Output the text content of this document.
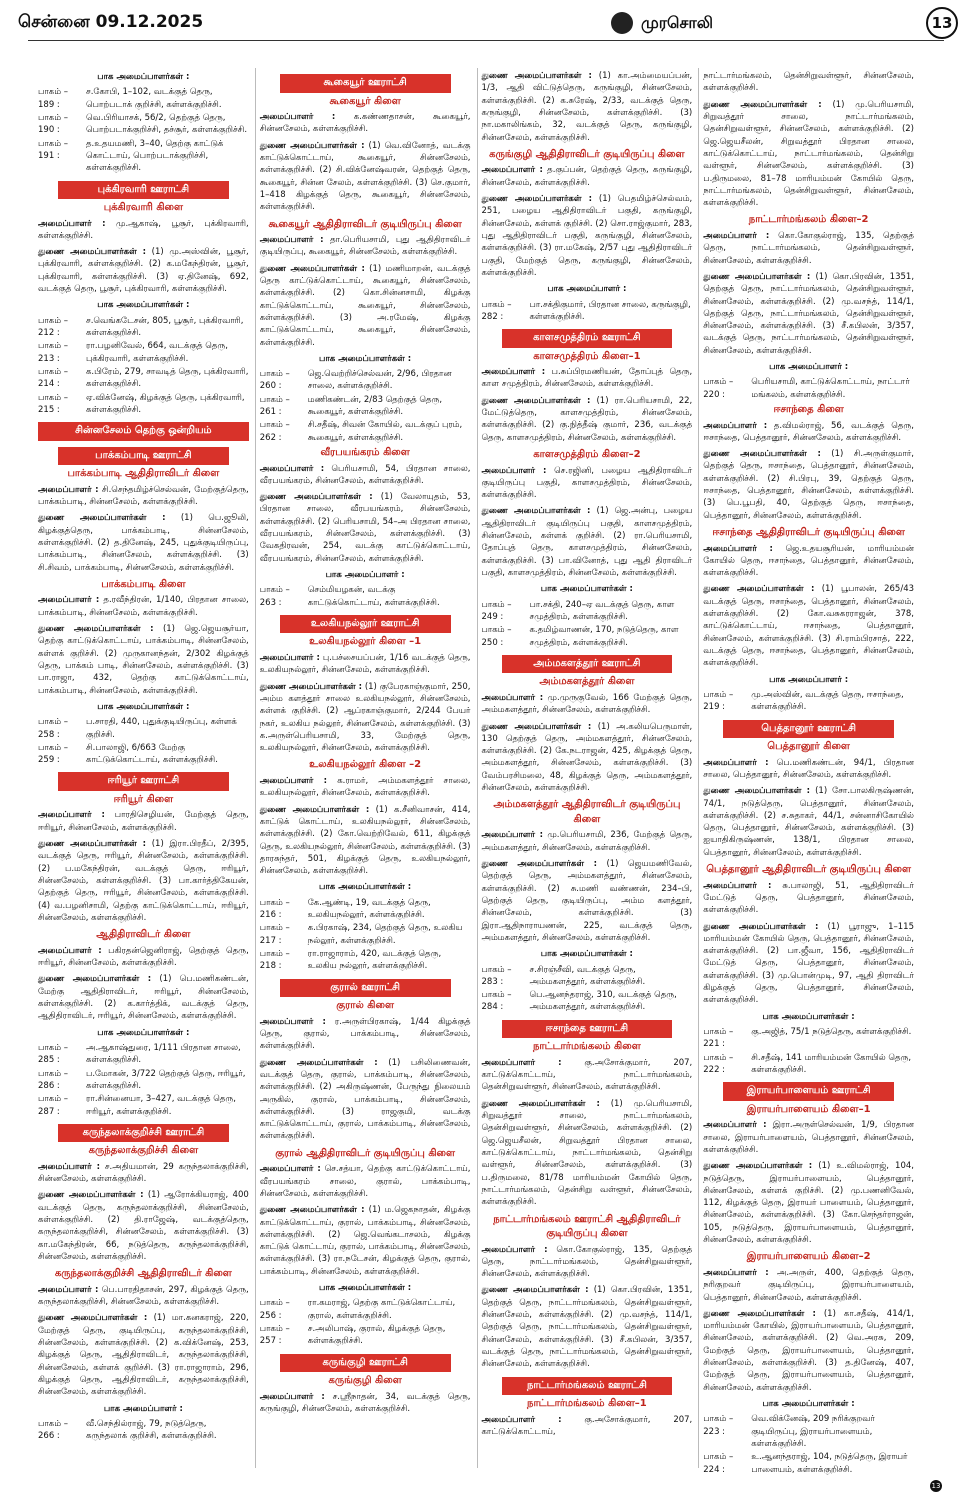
சென்னை 09.12.2025	முரசொலி	13
பாக அமைப்பாளர்கள் :
பாகம் – 189 :
ச.கோபி, 1–102, வடக்குத் தெரு, பொற்படாக் குறிச்சி, கள்ளக்குறிச்சி.
பாகம் – 190 :
வெ.பிரியாசக், 56/2, தெற்குத் தெரு, பொற்படாக்குறிச்சி, தச்சூர், கள்ளக்குறிச்சி.
பாகம் – 191 :
த.உதயமணி, 3–40, தெற்கு காட்டுக் கொட்டாய், பொற்படாக்குறிச்சி, கள்ளக்குறிச்சி.
புக்கிரவாரி ஊராட்சி
புக்கிரவாரி கிளை
அமைப்பாளர் : மு.ஆகாஷ், பூசூர், புக்கிரவாரி, கள்ளக்குறிச்சி.
துணை அமைப்பாளர்கள் : (1) மு.அஸ்வின், பூசூர், புக்கிரவாரி, கள்ளக்குறிச்சி. (2) க.மகேந்திரன், பூசூர், புக்கிரவாரி, கள்ளக்குறிச்சி. (3) ஏ.தினேஷ், 692, வடக்குத் தெரு, பூசூர், புக்கிரவாரி, கள்ளக்குறிச்சி.
பாக அமைப்பாளர்கள் :
பாகம் – 212 :
ச.வெங்கடேசன், 805, பூசூர், புக்கிரவாரி, கள்ளக்குறிச்சி.
பாகம் – 213 :
ரா.பழனிவேல், 664, வடக்குத் தெரு, புக்கிரவாரி, கள்ளக்குறிச்சி.
பாகம் – 214 :
க.பிரேம், 279, சாவடித் தெரு, புக்கிரவாரி, கள்ளக்குறிச்சி.
பாகம் – 215 :
ஏ.விக்னேஷ், கிழக்குத் தெரு, புக்கிரவாரி, கள்ளக்குறிச்சி.
சின்னசேலம் தெற்கு ஒன்றியம்
பாக்கம்பாடி ஊராட்சி
பாக்கம்பாடி ஆதிதிராவிடர் கிளை
அமைப்பாளர் : சி.செந்தமிழ்ச்செல்வன், மேற்குத்தெரு, பாக்கம்பாடி, சின்னசேலம், கள்ளக்குறிச்சி.
துணை அமைப்பாளர்கள் : (1) பெ.ஜூலி, கிழக்குத்தெரு, பாக்கம்பாடி, சின்னசேலம், கள்ளக்குறிச்சி. (2) த.தினேஷ், 245, புதுக்குடியிருப்பு, பாக்கம்பாடி, சின்னசேலம், கள்ளக்குறிச்சி. (3) சி.சிவம், பாக்கம்பாடி, சின்னசேலம், கள்ளக்குறிச்சி.
பாக்கம்பாடி கிளை
அமைப்பாளர் : த.ரவீந்திரன், 1/140, பிரதான சாலை, பாக்கம்பாடி, சின்னசேலம், கள்ளக்குறிச்சி.
துணை அமைப்பாளர்கள் : (1) ஜெ.ஜெயசூர்யா, தெற்கு காட்டுக்கொட்டாய், பாக்கம்பாடி, சின்னசேலம், கள்ளக் குறிச்சி. (2) முருகானந்தன், 2/302 கிழக்குத் தெரு, பாக்கம் பாடி, சின்னசேலம், கள்ளக்குறிச்சி. (3) பா.ராஜா, 432, தெற்கு காட்டுக்கொட்டாய், பாக்கம்பாடி, சின்னசேலம், கள்ளக்குறிச்சி.
பாக அமைப்பாளர்கள் :
பாகம் – 258 :
ப.சாரதி, 440, புதுக்குடியிருப்பு, கள்ளக் குறிச்சி.
பாகம் – 259 :
சி.பாலாஜி, 6/663 மேற்கு காட்டுக்கொட்டாய், கள்ளக்குறிச்சி.
ஈரியூர் ஊராட்சி
ஈரியூர் கிளை
அமைப்பாளர் : பாரதிசெழியன், மேற்குத் தெரு, ஈரியூர், சின்னசேலம், கள்ளக்குறிச்சி.
துணை அமைப்பாளர்கள் : (1) இரா.பிரதீப், 2/395, வடக்குத் தெரு, ஈரியூர், சின்னசேலம், கள்ளக்குறிச்சி. (2) ப.மகேந்திரன், வடக்குத் தெரு, ஈரியூர், சின்னசேலம், கள்ளக்குறிச்சி. (3) பா.கார்த்திகேயன், தெற்குத் தெரு, ஈரியூர், சின்னசேலம், கள்ளக்குறிச்சி. (4) வ.பழனிசாமி, தெற்கு காட்டுக்கொட்டாய், ஈரியூர், சின்னசேலம், கள்ளக்குறிச்சி.
ஆதிதிராவிடர் கிளை
அமைப்பாளர் : பகிரதன்ஜெனிராஜ், தெற்குத் தெரு, ஈரியூர், சின்னசேலம், கள்ளக்குறிச்சி.
துணை அமைப்பாளர்கள் : (1) பெ.மணிகண்டன், மேற்கு ஆதிதிராவிடர், ஈரியூர், சின்னசேலம், கள்ளக்குறிச்சி. (2) க.கார்த்திக், வடக்குத் தெரு, ஆதிதிராவிடர், ஈரியூர், சின்னசேலம், கள்ளக்குறிச்சி.
பாக அமைப்பாளர்கள் :
பாகம் – 285 :
அ.ஆகாஷ்துரை, 1/111 பிரதான சாலை, கள்ளக்குறிச்சி.
பாகம் – 286 :
ப.மோகன், 3/722 தெற்குத் தெரு, ஈரியூர், கள்ளக்குறிச்சி.
பாகம் – 287 :
ரா.சின்னையா, 3–427, வடக்குத் தெரு, ஈரியூர், கள்ளக்குறிச்சி.
கருந்தலாக்குறிச்சி ஊராட்சி
கருந்தலாக்குறிச்சி கிளை
அமைப்பாளர் : ச.அதியமான், 29 கருந்தலாக்குறிச்சி, சின்னசேலம், கள்ளக்குறிச்சி.
துணை அமைப்பாளர்கள் : (1) ஆரோக்கியராஜ், 400 வடக்குத் தெரு, கருந்தலாக்குறிச்சி, சின்னசேலம், கள்ளக்குறிச்சி. (2) தி.ராஜேஷ், வடக்குத்தெரு, கருந்தலாக்குறிச்சி, சின்னசேலம், கள்ளக்குறிச்சி. (3) கா.மகேந்திரன், 66, நடுத்தெரு, கருந்தலாக்குறிச்சி, சின்னசேலம், கள்ளக்குறிச்சி.
கருந்தலாக்குறிச்சி ஆதிதிராவிடர் கிளை
அமைப்பாளர் : பெ.பாரதிதாசன், 297, கிழக்குத் தெரு, கருந்தலாக்குறிச்சி, சின்னசேலம், கள்ளக்குறிச்சி.
துணை அமைப்பாளர்கள் : (1) மா.கனகராஜ், 220, மேற்குத் தெரு, குடியிருப்பு, கருந்தலாக்குறிச்சி, சின்னசேலம், கள்ளக்குறிச்சி. (2) க.விக்னேஷ், 253, கிழக்குத் தெரு, ஆதிதிராவிடர், கருந்தலாக்குறிச்சி, சின்னசேலம், கள்ளக் குறிச்சி. (3) ரா.ராஜாராம், 296, கிழக்குத் தெரு, ஆதிதிராவிடர், கருந்தலாக்குறிச்சி, சின்னசேலம், கள்ளக்குறிச்சி.
பாக அமைப்பாளர் :
பாகம் – 266 :
வீ.செந்தில்ராஜ், 79, நடுத்தெரு, கருந்தலாக் குறிச்சி, கள்ளக்குறிச்சி.
கூகையூர் ஊராட்சி
கூகையூர் கிளை
அமைப்பாளர் : க.கண்ணதாசன், கூகையூர், சின்னசேலம், கள்ளக்குறிச்சி.
துணை அமைப்பாளர்கள் : (1) வெ.வினோத், வடக்கு காட்டுக்கொட்டாய், கூகையூர், சின்னசேலம், கள்ளக்குறிச்சி. (2) சி.விக்னேஷ்வரன், தெற்குத் தெரு, கூகையூர், சின்ன சேலம், கள்ளக்குறிச்சி. (3) செ.குமார், 1–418 கிழக்குத் தெரு, கூகையூர், சின்னசேலம், கள்ளக்குறிச்சி.
கூகையூர் ஆதிதிராவிடர் குடியிருப்பு கிளை
அமைப்பாளர் : தா.பெரியசாமி, புது ஆதிதிராவிடர் குடியிருப்பு, கூகையூர், சின்னசேலம், கள்ளக்குறிச்சி.
துணை அமைப்பாளர்கள் : (1) மணிமாறன், வடக்குத் தெரு காட்டுக்கொட்டாய், கூகையூர், சின்னசேலம், கள்ளக்குறிச்சி. (2) கொ.சின்னசாமி, கிழக்கு காட்டுக்கொட்டாய், கூகையூர், சின்னசேலம், கள்ளக்குறிச்சி. (3) அ.ரமேஷ், கிழக்கு காட்டுக்கொட்டாய், கூகையூர், சின்னசேலம், கள்ளக்குறிச்சி.
பாக அமைப்பாளர்கள் :
பாகம் – 260 :
ஜெ.வெற்றிச்செல்வன், 2/96, பிரதான சாலை, கள்ளக்குறிச்சி.
பாகம் – 261 :
மணிகண்டன், 2/83 தெற்குத் தெரு, கூகையூர், கள்ளக்குறிச்சி.
பாகம் – 262 :
சி.சதீஷ், சிவன் கோயில், வடக்குப் புரம், கூகையூர், கள்ளக்குறிச்சி.
வீரபயங்கரம் கிளை
அமைப்பாளர் : பெரியசாமி, 54, பிரதான சாலை, வீரபயங்கரம், சின்னசேலம், கள்ளக்குறிச்சி.
துணை அமைப்பாளர்கள் : (1) வேலாயுதம், 53, பிரதான சாலை, வீரபயங்கரம், சின்னசேலம், கள்ளக்குறிச்சி. (2) பெரியசாமி, 54–அ பிரதான சாலை, வீரபயங்கரம், சின்னசேலம், கள்ளக்குறிச்சி. (3) வேகதிரவன், 254, வடக்கு காட்டுக்கொட்டாய், வீரபயங்கரம், சின்னசேலம், கள்ளக்குறிச்சி.
பாக அமைப்பாளர் :
பாகம் – 263 :
செம்மியழகன், வடக்கு காட்டுக்கொட்டாய், கள்ளக்குறிச்சி.
உலகியநல்லூர் ஊராட்சி
உலகியநல்லூர் கிளை –1
அமைப்பாளர் : பு.பச்சையப்பன், 1/16 வடக்குத் தெரு, உலகியநல்லூர், சின்னசேலம், கள்ளக்குறிச்சி.
துணை அமைப்பாளர்கள் : (1) குபேரகாஞ்குமார், 250, அம்ம களத்தூர் சாலை உலகியநல்லூர், சின்னசேலம், கள்ளக் குறிச்சி. (2) ஆப்ரகாஞ்குமார், 2/244 பேயர் நகர், உலகிய நல்லூர், சின்னசேலம், கள்ளக்குறிச்சி. (3) க.அருள்பெரியசாமி, 33, மேற்குத் தெரு, உலகியநல்லூர், சின்னசேலம், கள்ளக்குறிச்சி.
உலகியநல்லூர் கிளை –2
அமைப்பாளர் : க.ராமர், அம்மகளத்தூர் சாலை, உலகியநல்லூர், சின்னசேலம், கள்ளக்குறிச்சி.
துணை அமைப்பாளர்கள் : (1) க.சீனிவாசன், 414, காட்டுக் கொட்டாய், உலகியநல்லூர், சின்னசேலம், கள்ளக்குறிச்சி. (2) கோ.வெற்றிவேல், 611, கிழக்குத் தெரு, உலகியநல்லூர், சின்னசேலம், கள்ளக்குறிச்சி. (3) தாரசுந்தர், 501, கிழக்குத் தெரு, உலகியநல்லூர், சின்னசேலம், கள்ளக்குறிச்சி.
பாக அமைப்பாளர்கள் :
பாகம் – 216 :
கே.ஆண்டி, 19, வடக்குத் தெரு, உலகியநல்லூர், கள்ளக்குறிச்சி.
பாகம் – 217 :
க.பிரகாஷ், 234, தெற்குத் தெரு, உலகிய நல்லூர், கள்ளக்குறிச்சி.
பாகம் – 218 :
ரா.ராஜாராம், 420, வடக்குத் தெரு, உலகிய நல்லூர், கள்ளக்குறிச்சி.
குரால் ஊராட்சி
குரால் கிளை
அமைப்பாளர் : ர.அருள்பிரகாஷ், 1/44 கிழக்குத் தெரு, குரால், பாக்கம்பாடி, சின்னசேலம், கள்ளக்குறிச்சி.
துணை அமைப்பாளர்கள் : (1) பசிலிணைவன், வடக்குத் தெரு, குரால், பாக்கம்பாடி, சின்னசேலம், கள்ளக்குறிச்சி. (2) அகிருஷ்ணன், பேருந்து நிலையம் அருகில், குரால், பாக்கம்பாடி, சின்னசேலம், கள்ளக்குறிச்சி. (3) ராஜகுமி, வடக்கு காட்டுக்கொட்டாய், குரால், பாக்கம்பாடி, சின்னசேலம், கள்ளக்குறிச்சி.
குரால் ஆதிதிராவிடர் குடியிருப்பு கிளை
அமைப்பாளர் : செ.சத்யா, தெற்கு காட்டுக்கொட்டாய், வீரபயங்கரம் சாலை, குரால், பாக்கம்பாடி, சின்னசேலம், கள்ளக்குறிச்சி.
துணை அமைப்பாளர்கள் : (1) ம.ஜெகநாதன், கிழக்கு காட்டுக்கொட்டாய், குரால், பாக்கம்பாடி, சின்னசேலம், கள்ளக்குறிச்சி. (2) ஜெ.வெங்கடாசலம், கிழக்கு காட்டுக் கொட்டாய், குரால், பாக்கம்பாடி, சின்னசேலம், கள்ளக்குறிச்சி. (3) ரா.நடேசன், கிழக்குத் தெரு, குரால், பாக்கம்பாடி, சின்னசேலம், கள்ளக்குறிச்சி.
பாக அமைப்பாளர்கள் :
பாகம் – 256 :
ரா.கமராஜ், தெற்கு காட்டுக்கொட்டாய், குரால், கள்ளக்குறிச்சி.
பாகம் – 257 :
ச.அலிபாஷ், குரால், கிழக்குத் தெரு, கள்ளக்குறிச்சி.
கருங்குழி ஊராட்சி
கருங்குழி கிளை
அமைப்பாளர் : ச.ஸ்ரீநாதன், 34, வடக்குத் தெரு, கருங்குழி, சின்னசேலம், கள்ளக்குறிச்சி.
துணை அமைப்பாளர்கள் : (1) கா.அம்மையப்பன், 1/3, ஆதி விட்டுத்தெரு, கருங்குழி, சின்னசேலம், கள்ளக்குறிச்சி. (2) க.சுரேஷ், 2/33, வடக்குத் தெரு, கருங்குழி, சின்னசேலம், கள்ளக்குறிச்சி. (3) நா.மகாலிங்கம், 32, வடக்குத் தெரு, கருங்குழி, சின்னசேலம், கள்ளக்குறிச்சி.
கருங்குழி ஆதிதிராவிடர் குடியிருப்பு கிளை
அமைப்பாளர் : த.குப்பன், தெற்குத் தெரு, கருங்குழி, சின்னசேலம், கள்ளக்குறிச்சி.
துணை அமைப்பாளர்கள் : (1) பெதமிழ்ச்செல்வம், 251, பழைய ஆதிதிராவிடர் பகுதி, கருங்குழி, சின்னசேலம், கள்ளக் குறிச்சி. (2) சொ.ராஜ்குமார், 283, புது ஆதிதிராவிடர் பகுதி, கருங்குழி, சின்னசேலம், கள்ளக்குறிச்சி. (3) ரா.மகேஷ், 2/57 புது ஆதிதிராவிடர் பகுதி, மேற்குத் தெரு, கருங்குழி, சின்னசேலம், கள்ளக்குறிச்சி.
பாக அமைப்பாளர் :
பாகம் – 282 :
பா.சக்திகுமார், பிரதான சாலை, கருங்குழி, கள்ளக்குறிச்சி.
காளசமுத்திரம் ஊராட்சி
காளசமுத்திரம் கிளை–1
அமைப்பாளர் : ப.சுப்பிரமணியன், தோப்புத் தெரு, காள சமுத்திரம், சின்னசேலம், கள்ளக்குறிச்சி.
துணை அமைப்பாளர்கள் : (1) ரா.பெரியசாமி, 22, மேட்டுத்தெரு, காளசமுத்திரம், சின்னசேலம், கள்ளக்குறிச்சி. (2) கு.நித்தீஷ் குமார், 236, வடக்குத் தெரு, காளசமுத்திரம், சின்னசேலம், கள்ளக்குறிச்சி.
காளசமுத்திரம் கிளை–2
அமைப்பாளர் : செ.ரஜினி, பழைய ஆதிதிராவிடர் குடியிருப்பு பகுதி, காளசமுத்திரம், சின்னசேலம், கள்ளக்குறிச்சி.
துணை அமைப்பாளர்கள் : (1) ஜெ.அன்பு, பழைய ஆதிதிராவிடர் குடியிருப்பு பகுதி, காளசமுத்திரம், சின்னசேலம், கள்ளக் குறிச்சி. (2) ரா.பெரியசாமி, தோப்புத் தெரு, காளசமுத்திரம், சின்னசேலம், கள்ளக்குறிச்சி. (3) பா.வினோத், புது ஆதி திராவிடர் பகுதி, காளசமுத்திரம், சின்னசேலம், கள்ளக்குறிச்சி.
பாக அமைப்பாளர்கள் :
பாகம் – 249 :
பா.சக்தி, 240–ஏ வடக்குத் தெரு, காள சமுத்திரம், கள்ளக்குறிச்சி.
பாகம் – 250 :
க.தமிழ்வாணன், 170, நடுத்தெரு, காள சமுத்திரம், கள்ளக்குறிச்சி.
அம்மகளத்தூர் ஊராட்சி
அம்மகளத்தூர் கிளை
அமைப்பாளர் : மு.முருகுவேல், 166 மேற்குத் தெரு, அம்மகளத்தூர், சின்னசேலம், கள்ளக்குறிச்சி.
துணை அமைப்பாளர்கள் : (1) அ.கலியபெருமாள், 130 தெற்குத் தெரு, அம்மகளத்தூர், சின்னசேலம், கள்ளக்குறிச்சி. (2) கே.நடராஜன், 425, கிழக்குத் தெரு, அம்மகளத்தூர், சின்னசேலம், கள்ளக்குறிச்சி. (3) வேம்பரசிமலை, 48, கிழக்குத் தெரு, அம்மகளத்தூர், சின்னசேலம், கள்ளக்குறிச்சி.
அம்மகளத்தூர் ஆதிதிராவிடர் குடியிருப்பு கிளை
அமைப்பாளர் : மு.பெரியசாமி, 236, மேற்குத் தெரு, அம்மகளத்தூர், சின்னசேலம், கள்ளக்குறிச்சி.
துணை அமைப்பாளர்கள் : (1) ஜெயமணிவேல், தெற்குத் தெரு, அம்மகளத்தூர், சின்னசேலம், கள்ளக்குறிச்சி. (2) சு.மணி வண்ணன், 234–பி, தெற்குத் தெரு, குடியிருப்பு, அம்ம களத்தூர், சின்னசேலம், கள்ளக்குறிச்சி. (3) இரா.ஆதிநாராயணன், 225, வடக்குத் தெரு, அம்மகளத்தூர், சின்னசேலம், கள்ளக்குறிச்சி.
பாக அமைப்பாளர்கள் :
பாகம் – 283 :
ச.சிரஞ்சீவி, வடக்குத் தெரு, அம்மகளத்தூர், கள்ளக்குறிச்சி.
பாகம் – 284 :
பெ.ஆனந்தராஜ், 310, வடக்குத் தெரு, அம்மகளத்தூர், கள்ளக்குறிச்சி.
ஈசாந்தை ஊராட்சி
நாட்டார்மங்கலம் கிளை
அமைப்பாளர் :	கு.அசோக்குமார், 207, காட்டுக்கொட்டாய், நாட்டார்மங்கலம், தென்சிறுவள்ளூர், சின்னசேலம், கள்ளக்குறிச்சி.
துணை அமைப்பாளர்கள் : (1) மு.பெரியசாமி, சிறுவத்தூர் சாலை, நாட்டார்மங்கலம், தென்சிறுவள்ளூர், சின்னசேலம், கள்ளக்குறிச்சி. (2) ஜெ.ஜெயசீலன், சிறுவத்தூர் பிரதான சாலை, காட்டுக்கொட்டாய், நாட்டார்மங்கலம், தென்சிறு வள்ளூர், சின்னசேலம், கள்ளக்குறிச்சி. (3) ப.திருமலை, 81/78 மாரியம்மன் கோயில் தெரு, நாட்டார்மங்கலம், தென்சிறு வள்ளூர், சின்னசேலம், கள்ளக்குறிச்சி.
நாட்டார்மங்கலம் ஊராட்சி ஆதிதிராவிடர் குடியிருப்பு கிளை
அமைப்பாளர் : கொ.கோகுல்ராஜ், 135, தெற்குத் தெரு, நாட்டார்மங்கலம், தென்சிறுவள்ளூர், சின்னசேலம், கள்ளக்குறிச்சி.
துணை அமைப்பாளர்கள் : (1) கொ.பிரவின், 1351, தெற்குத் தெரு, நாட்டார்மங்கலம், தென்சிறுவள்ளூர், சின்னசேலம், கள்ளக்குறிச்சி. (2) மு.வசந்த், 114/1, தெற்குத் தெரு, நாட்டார்மங்கலம், தென்சிறுவள்ளூர், சின்னசேலம், கள்ளக்குறிச்சி. (3) சீ.கபிலன், 3/357, வடக்குத் தெரு, நாட்டார்மங்கலம், தென்சிறுவள்ளூர், சின்னசேலம், கள்ளக்குறிச்சி.
நாட்டார்மங்கலம் ஊராட்சி
நாட்டார்மங்கலம் கிளை–1
அமைப்பாளர் :	கு.அசோக்குமார், 207, காட்டுக்கொட்டாய்,
நாட்டார்மங்கலம், தென்சிறுவள்ளூர், சின்னசேலம், கள்ளக்குறிச்சி.
துணை அமைப்பாளர்கள் : (1) மு.பெரியசாமி, சிறுவத்தூர் சாலை, நாட்டார்மங்கலம், தென்சிறுவள்ளூர், சின்னசேலம், கள்ளக்குறிச்சி. (2) ஜெ.ஜெயசீலன், சிறுவத்தூர் பிரதான சாலை, காட்டுக்கொட்டாய், நாட்டார்மங்கலம், தென்சிறு வள்ளூர், சின்னசேலம், கள்ளக்குறிச்சி. (3) ப.திருமலை, 81–78 மாரியம்மன் கோயில் தெரு, நாட்டார்மங்கலம், தென்சிறுவள்ளூர், சின்னசேலம், கள்ளக்குறிச்சி.
நாட்டார்மங்கலம் கிளை–2
அமைப்பாளர் : கொ.கோகுல்ராஜ், 135, தெற்குத் தெரு, நாட்டார்மங்கலம், தென்சிறுவள்ளூர், சின்னசேலம், கள்ளக்குறிச்சி.
துணை அமைப்பாளர்கள் : (1) கொ.பிரவின், 1351, தெற்குத் தெரு, நாட்டார்மங்கலம், தென்சிறுவள்ளூர், சின்னசேலம், கள்ளக்குறிச்சி. (2) மு.வசந்த், 114/1, தெற்குத் தெரு, நாட்டார்மங்கலம், தென்சிறுவள்ளூர், சின்னசேலம், கள்ளக்குறிச்சி. (3) சீ.கபிலன், 3/357, வடக்குத் தெரு, நாட்டார்மங்கலம், தென்சிறுவள்ளூர், சின்னசேலம், கள்ளக்குறிச்சி.
பாக அமைப்பாளர் :
பாகம் – 220 :
பெரியசாமி, காட்டுக்கொட்டாய், நாட்டார் மங்கலம், கள்ளக்குறிச்சி.
ஈசாந்தை கிளை
அமைப்பாளர் : த.விமல்ராஜ், 56, வடக்குத் தெரு, ஈசாந்தை, பெத்தானூர், சின்னசேலம், கள்ளக்குறிச்சி.
துணை அமைப்பாளர்கள் : (1) சி.அருள்குமார், தெற்குத் தெரு, ஈசாந்தை, பெத்தானூர், சின்னசேலம், கள்ளக்குறிச்சி. (2) சி.பிரபு, 39, தெற்குத் தெரு, ஈசாந்தை, பெத்தானூர், சின்னசேலம், கள்ளக்குறிச்சி. (3) பெ.பூபதி, 40, தெற்குத் தெரு, ஈசாந்தை, பெத்தானூர், சின்னசேலம், கள்ளக்குறிச்சி.
ஈசாந்தை ஆதிதிராவிடர் குடியிருப்பு கிளை
அமைப்பாளர் : ஜெ.உதயசூரியன், மாரியம்மன் கோயில் தெரு, ஈசாந்தை, பெத்தானூர், சின்னசேலம், கள்ளக்குறிச்சி.
துணை அமைப்பாளர்கள் : (1) பூபாலன், 265/43 வடக்குத் தெரு, ஈசாந்தை, பெத்தானூர், சின்னசேலம், கள்ளக்குறிச்சி. (2) கோ.வசுகரராஜன், 378, காட்டுக்கொட்டாய், ஈசாந்தை, பெத்தானூர், சின்னசேலம், கள்ளக்குறிச்சி. (3) சி.ராம்பிரசாத், 222, வடக்குத் தெரு, ஈசாந்தை, பெத்தானூர், சின்னசேலம், கள்ளக்குறிச்சி.
பாக அமைப்பாளர் :
பாகம் – 219 :
மு.அஸ்வின், வடக்குத் தெரு, ஈசாந்தை, கள்ளக்குறிச்சி.
பெத்தானூர் ஊராட்சி
பெத்தானூர் கிளை
அமைப்பாளர் : பெ.மணிகண்டன், 94/1, பிரதான சாலை, பெத்தானூர், சின்னசேலம், கள்ளக்குறிச்சி.
துணை அமைப்பாளர்கள் : (1) சோ.பாலகிருஷ்ணன், 74/1, நடுத்தெரு, பெத்தானூர், சின்னசேலம், கள்ளக்குறிச்சி. (2) ச.சுதாகர், 44/1, சன்னாசிகோயில் தெரு, பெத்தானூர், சின்னசேலம், கள்ளக்குறிச்சி. (3) ஐயாதிகிருஷ்ணன், 138/1, பிரதான சாலை, பெத்தானூர், சின்னசேலம், கள்ளக்குறிச்சி.
பெத்தானூர் ஆதிதிராவிடர் குடியிருப்பு கிளை
அமைப்பாளர் : சு.பாலாஜி, 51, ஆதிதிராவிடர் மேட்டுத் தெரு, பெத்தானூர், சின்னசேலம், கள்ளக்குறிச்சி.
துணை அமைப்பாளர்கள் : (1) பூராஜு, 1–115 மாரியம்மன் கோயில் தெரு, பெத்தானூர், சின்னசேலம், கள்ளக்குறிச்சி. (2) பா.ஜீவா, 156, ஆதிதிராவிடர் மேட்டுத் தெரு, பெத்தானூர், சின்னசேலம், கள்ளக்குறிச்சி. (3) மு.பொன்முடி, 97, ஆதி திராவிடர் கிழக்குத் தெரு, பெத்தானூர், சின்னசேலம், கள்ளக்குறிச்சி.
பாக அமைப்பாளர்கள் :
பாகம் – 221 :
கு.அஜித், 75/1 நடுத்தெரு, கள்ளக்குறிச்சி.
பாகம் – 222 :
சி.சதீஷ், 141 மாரியம்மன் கோயில் தெரு, கள்ளக்குறிச்சி.
இராயர்பாளையம் ஊராட்சி
இராயர்பாளையம் கிளை–1
அமைப்பாளர் : இரா.அருள்செல்வன், 1/9, பிரதான சாலை, இராயர்பாளையம், பெத்தானூர், சின்னசேலம், கள்ளக்குறிச்சி.
துணை அமைப்பாளர்கள் : (1) உ.விமல்ராஜ், 104, நடுத்தெரு, இராயர்பாளையம், பெத்தானூர், சின்னசேலம், கள்ளக் குறிச்சி. (2) மு.பணனிவேல், 112, கிழக்குத் தெரு, இராயர் பாளையம், பெத்தானூர், சின்னசேலம், கள்ளக்குறிச்சி. (3) கோ.செந்தர்ராஜன், 105, நடுத்தெரு, இராயர்பாளையம், பெத்தானூர், சின்னசேலம், கள்ளக்குறிச்சி.
இராயர்பாளையம் கிளை–2
அமைப்பாளர் : அ.அருள், 400, தெற்குத் தெரு, நரிகுறவர் குடியிருப்பு, இராயர்பாளையம், பெத்தானூர், சின்னசேலம், கள்ளக்குறிச்சி.
துணை அமைப்பாளர்கள் : (1) கா.சதீஷ், 414/1, மாரியம்மன் கோயில், இராயர்பாளையம், பெத்தானூர், சின்னசேலம், கள்ளக்குறிச்சி. (2) வெ.அரசு, 209, மேற்குத் தெரு, இராயர்பாளையம், பெத்தானூர், சின்னசேலம், கள்ளக்குறிச்சி. (3) த.தினேஷ், 407, மேற்குத் தெரு, இராயர்பாளையம், பெத்தானூர், சின்னசேலம், கள்ளக்குறிச்சி.
பாக அமைப்பாளர்கள் :
பாகம் – 223 :
வெ.விக்னேஷ், 209 நரிக்குறவர் குடியிருப்பு, இராயர்பாளையம், கள்ளக்குறிச்சி.
பாகம் – 224 :
உ.ஆனந்தராஜ், 104, நடுத்தெரு, இராயர் பாளையம், கள்ளக்குறிச்சி.
13
